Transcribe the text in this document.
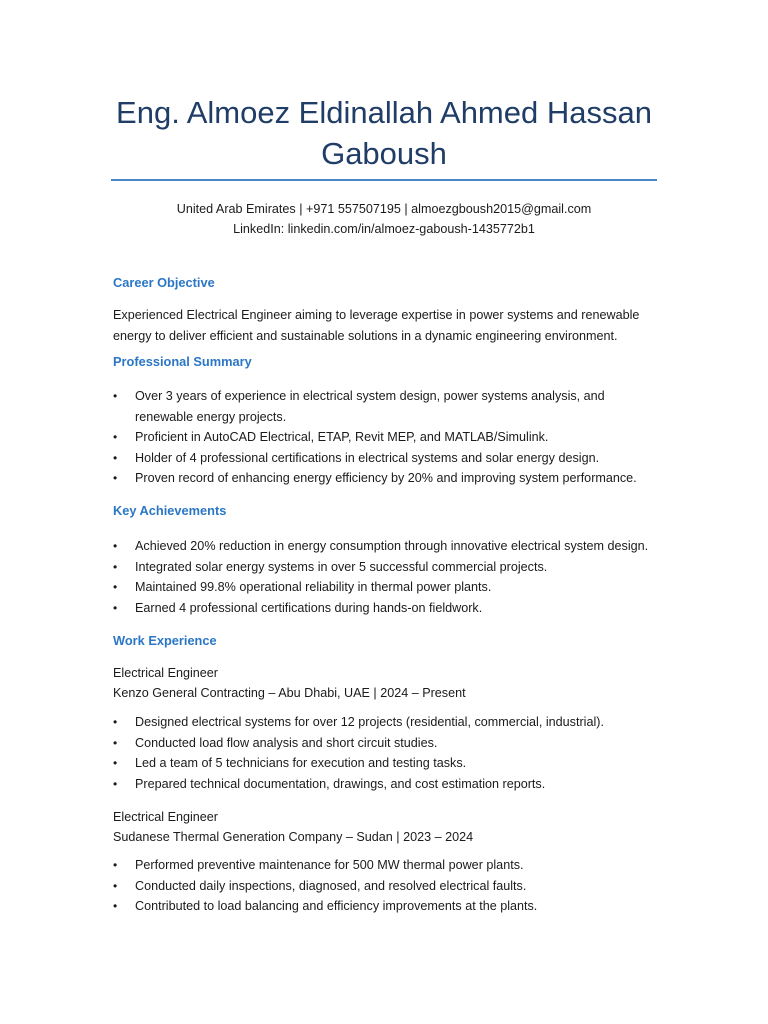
Eng. Almoez Eldinallah Ahmed Hassan
Gaboush
United Arab Emirates | +971 557507195 | almoezgboush2015@gmail.com
LinkedIn: linkedin.com/in/almoez-gaboush-1435772b1
Career Objective

Experienced Electrical Engineer aiming to leverage expertise in power systems and renewable energy to deliver efficient and sustainable solutions in a dynamic engineering environment.

Professional Summary
• Over 3 years of experience in electrical system design, power systems analysis, and renewable energy projects.
• Proficient in AutoCAD Electrical, ETAP, Revit MEP, and MATLAB/Simulink.
• Holder of 4 professional certifications in electrical systems and solar energy design.
• Proven record of enhancing energy efficiency by 20% and improving system performance.
Key Achievements
• Achieved 20% reduction in energy consumption through innovative electrical system design.
• Integrated solar energy systems in over 5 successful commercial projects.
• Maintained 99.8% operational reliability in thermal power plants.
• Earned 4 professional certifications during hands-on fieldwork.
Work Experience
Electrical Engineer
Kenzo General Contracting – Abu Dhabi, UAE | 2024 – Present
• Designed electrical systems for over 12 projects (residential, commercial, industrial).
• Conducted load flow analysis and short circuit studies.
• Led a team of 5 technicians for execution and testing tasks.
• Prepared technical documentation, drawings, and cost estimation reports.
Electrical Engineer
Sudanese Thermal Generation Company – Sudan | 2023 – 2024
• Performed preventive maintenance for 500 MW thermal power plants.
• Conducted daily inspections, diagnosed, and resolved electrical faults.
• Contributed to load balancing and efficiency improvements at the plants.
